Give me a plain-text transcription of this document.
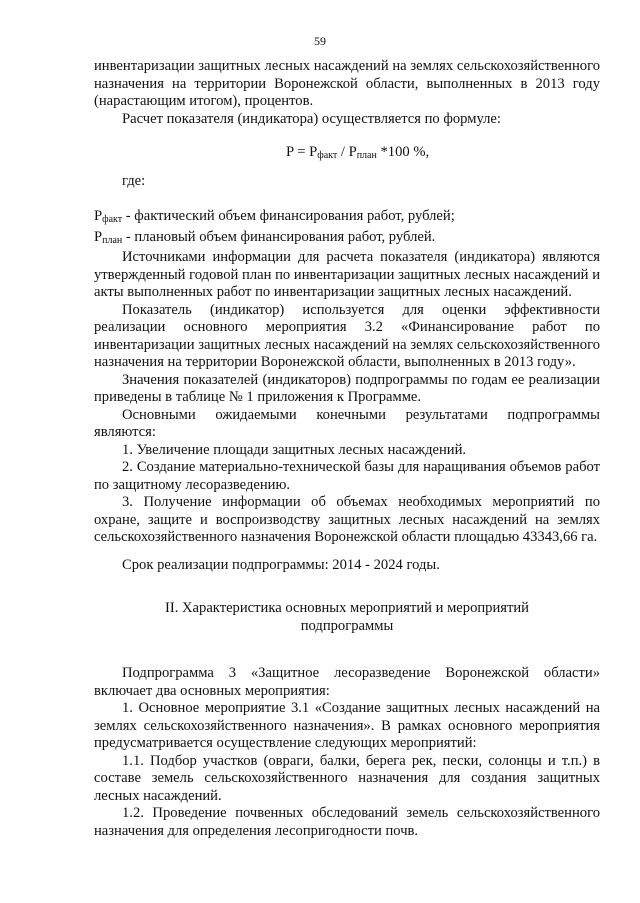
59

инвентаризации защитных лесных насаждений на землях сельскохозяйственного назначения на территории Воронежской области, выполненных в 2013 году (нарастающим итогом), процентов.

Расчет показателя (индикатора) осуществляется по формуле:

$P = P_{факт} / P_{план}$ *100 %,

где:

$P_{факт}$ - фактический объем финансирования работ, рублей;

$P_{план}$ - плановый объем финансирования работ, рублей.

Источниками информации для расчета показателя (индикатора) являются утвержденный годовой план по инвентаризации защитных лесных насаждений и акты выполненных работ по инвентаризации защитных лесных насаждений.

Показатель (индикатор) используется для оценки эффективности реализации основного мероприятия 3.2 «Финансирование работ по инвентаризации защитных лесных насаждений на землях сельскохозяйственного назначения на территории Воронежской области, выполненных в 2013 году».

Значения показателей (индикаторов) подпрограммы по годам ее реализации приведены в таблице № 1 приложения к Программе.

Основными ожидаемыми конечными результатами подпрограммы являются:

1. Увеличение площади защитных лесных насаждений.

2. Создание материально-технической базы для наращивания объемов работ по защитному лесоразведению.

3. Получение информации об объемах необходимых мероприятий по охране, защите и воспроизводству защитных лесных насаждений на землях сельскохозяйственного назначения Воронежской области площадью 43343,66 га.

Срок реализации подпрограммы: 2014 - 2024 годы.

II. Характеристика основных мероприятий и мероприятий
подпрограммы

Подпрограмма 3 «Защитное лесоразведение Воронежской области» включает два основных мероприятия:

1. Основное мероприятие 3.1 «Создание защитных лесных насаждений на землях сельскохозяйственного назначения». В рамках основного мероприятия предусматривается осуществление следующих мероприятий:

1.1. Подбор участков (овраги, балки, берега рек, пески, солонцы и т.п.) в составе земель сельскохозяйственного назначения для создания защитных лесных насаждений.

1.2. Проведение почвенных обследований земель сельскохозяйственного назначения для определения лесопригодности почв.
